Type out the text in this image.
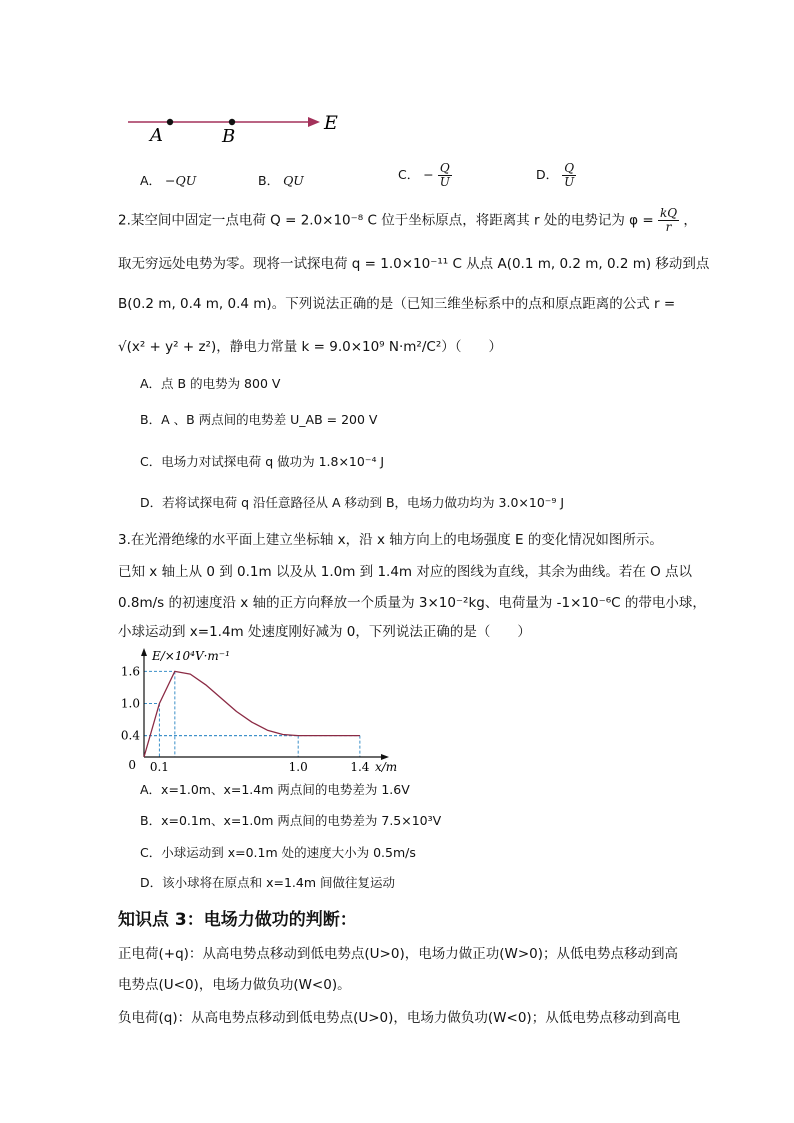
A	B
E
A． −QU	B． QU	C． − $\frac{Q}{U}$	D． $\frac{Q}{U}$
2.某空间中固定一点电荷 Q = 2.0×10⁻⁸ C 位于坐标原点，将距离其 r 处的电势记为 $\varphi = \frac{kQ}{r}$ ，
取无穷远处电势为零。现将一试探电荷 q = 1.0×10⁻¹¹ C 从点 A(0.1 m, 0.2 m, 0.2 m) 移动到点
B(0.2 m, 0.4 m, 0.4 m)。下列说法正确的是（已知三维坐标系中的点和原点距离的公式 r =
√(x² + y² + z²)，静电力常量 k = 9.0×10⁹ N·m²/C²）（　　）
A．点 B 的电势为 800 V
B．A 、B 两点间的电势差 U_AB = 200 V
C．电场力对试探电荷 q 做功为 1.8×10⁻⁴ J
D．若将试探电荷 q 沿任意路径从 A 移动到 B，电场力做功均为 3.0×10⁻⁹ J
3.在光滑绝缘的水平面上建立坐标轴 x，沿 x 轴方向上的电场强度 E 的变化情况如图所示。
已知 x 轴上从 0 到 0.1m 以及从 1.0m 到 1.4m 对应的图线为直线，其余为曲线。若在 O 点以
0.8m/s 的初速度沿 x 轴的正方向释放一个质量为 3×10⁻²kg、电荷量为 -1×10⁻⁶C 的带电小球，
小球运动到 x=1.4m 处速度刚好减为 0，下列说法正确的是（　　）
0.1	1.0	1.4
1.6
1.0
0.4
0
E/×10⁴V·m⁻¹
x/m
A．x=1.0m、x=1.4m 两点间的电势差为 1.6V
B．x=0.1m、x=1.0m 两点间的电势差为 7.5×10³V
C．小球运动到 x=0.1m 处的速度大小为 0.5m/s
D．该小球将在原点和 x=1.4m 间做往复运动
知识点 3：电场力做功的判断：
正电荷(+q)：从高电势点移动到低电势点(U>0)，电场力做正功(W>0)；从低电势点移动到高
电势点(U<0)，电场力做负功(W<0)。
负电荷(q)：从高电势点移动到低电势点(U>0)，电场力做负功(W<0)；从低电势点移动到高电
